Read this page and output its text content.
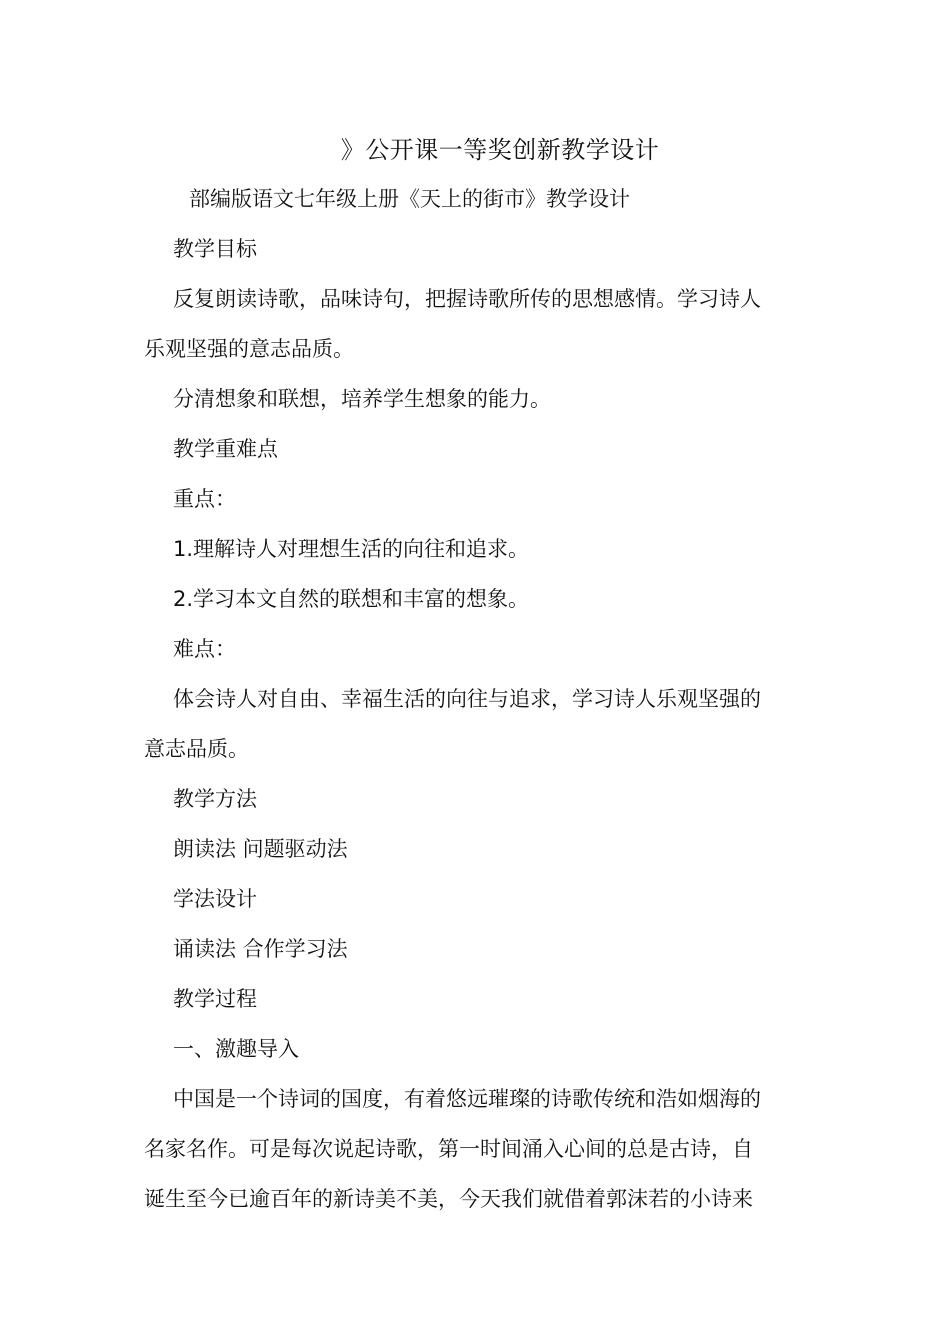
》公开课一等奖创新教学设计
部编版语文七年级上册《天上的街市》教学设计
教学目标
反复朗读诗歌，品味诗句，把握诗歌所传的思想感情。学习诗人
乐观坚强的意志品质。
分清想象和联想，培养学生想象的能力。
教学重难点
重点：
1.理解诗人对理想生活的向往和追求。
2.学习本文自然的联想和丰富的想象。
难点：
体会诗人对自由、幸福生活的向往与追求，学习诗人乐观坚强的
意志品质。
教学方法
朗读法 问题驱动法
学法设计
诵读法 合作学习法
教学过程
一、激趣导入
中国是一个诗词的国度，有着悠远璀璨的诗歌传统和浩如烟海的
名家名作。可是每次说起诗歌，第一时间涌入心间的总是古诗，自
诞生至今已逾百年的新诗美不美，今天我们就借着郭沫若的小诗来
